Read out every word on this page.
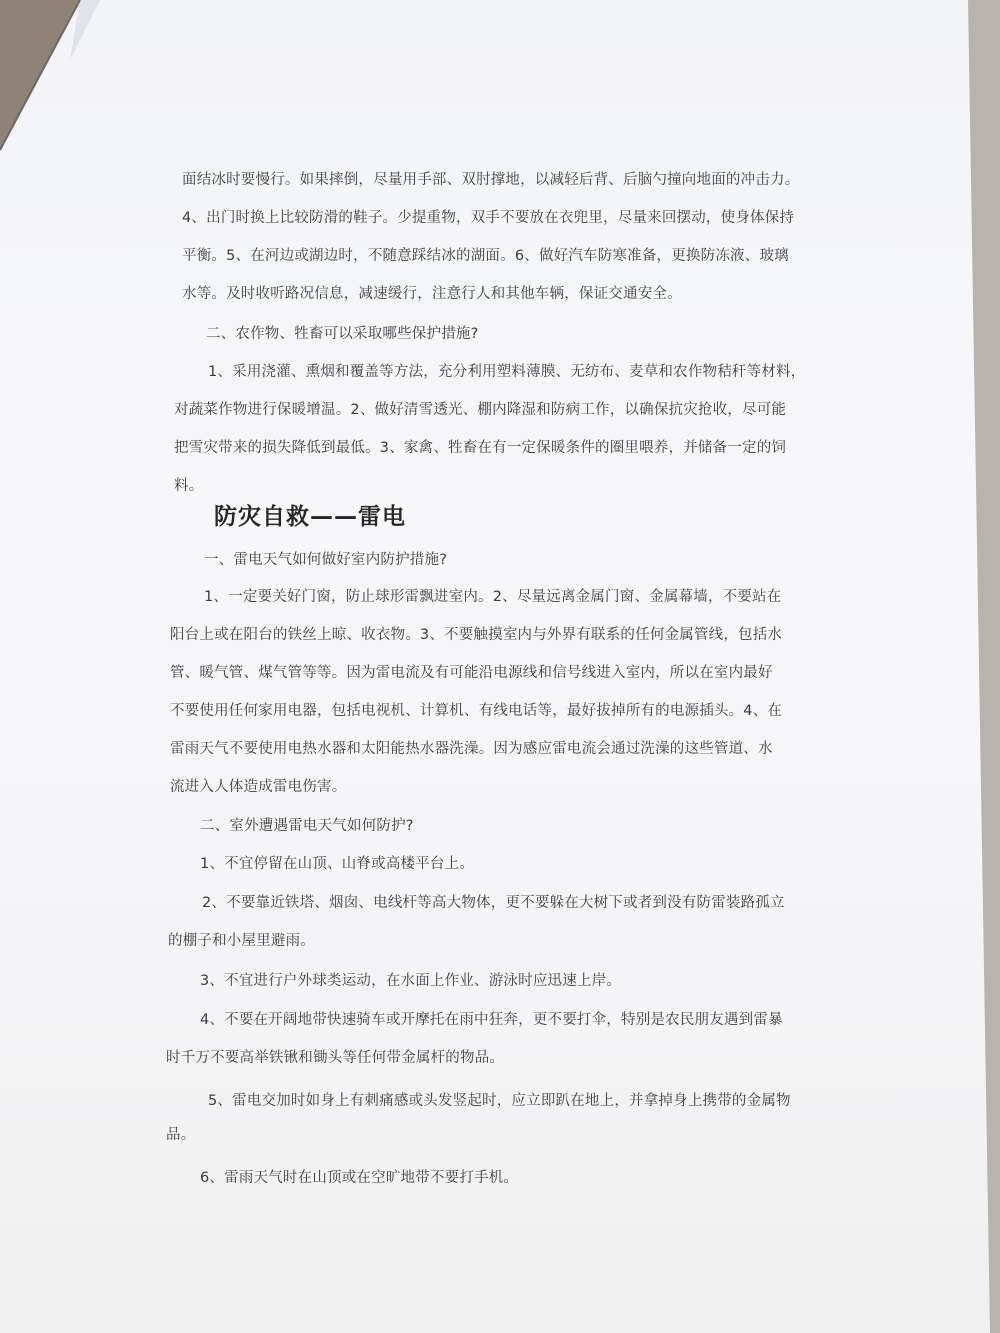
面结冰时要慢行。如果摔倒，尽量用手部、双肘撑地，以减轻后背、后脑勺撞向地面的冲击力。
4、出门时换上比较防滑的鞋子。少提重物，双手不要放在衣兜里，尽量来回摆动，使身体保持
平衡。5、在河边或湖边时，不随意踩结冰的湖面。6、做好汽车防寒准备，更换防冻液、玻璃
水等。及时收听路况信息，减速缓行，注意行人和其他车辆，保证交通安全。
二、农作物、牲畜可以采取哪些保护措施?
1、采用浇灌、熏烟和覆盖等方法，充分利用塑料薄膜、无纺布、麦草和农作物秸秆等材料，
对蔬菜作物进行保暖增温。2、做好清雪透光、棚内降湿和防病工作，以确保抗灾抢收，尽可能
把雪灾带来的损失降低到最低。3、家禽、牲畜在有一定保暖条件的圈里喂养，并储备一定的饲
料。
防灾自救——雷电
一、雷电天气如何做好室内防护措施?
1、一定要关好门窗，防止球形雷飘进室内。2、尽量远离金属门窗、金属幕墙，不要站在
阳台上或在阳台的铁丝上晾、收衣物。3、不要触摸室内与外界有联系的任何金属管线，包括水
管、暖气管、煤气管等等。因为雷电流及有可能沿电源线和信号线进入室内，所以在室内最好
不要使用任何家用电器，包括电视机、计算机、有线电话等，最好拔掉所有的电源插头。4、在
雷雨天气不要使用电热水器和太阳能热水器洗澡。因为感应雷电流会通过洗澡的这些管道、水
流进入人体造成雷电伤害。
二、室外遭遇雷电天气如何防护?
1、不宜停留在山顶、山脊或高楼平台上。
2、不要靠近铁塔、烟囱、电线杆等高大物体，更不要躲在大树下或者到没有防雷装路孤立
的棚子和小屋里避雨。
3、不宜进行户外球类运动，在水面上作业、游泳时应迅速上岸。
4、不要在开阔地带快速骑车或开摩托在雨中狂奔，更不要打伞，特别是农民朋友遇到雷暴
时千万不要高举铁锹和锄头等任何带金属杆的物品。
5、雷电交加时如身上有刺痛感或头发竖起时，应立即趴在地上，并拿掉身上携带的金属物
品。
6、雷雨天气时在山顶或在空旷地带不要打手机。
